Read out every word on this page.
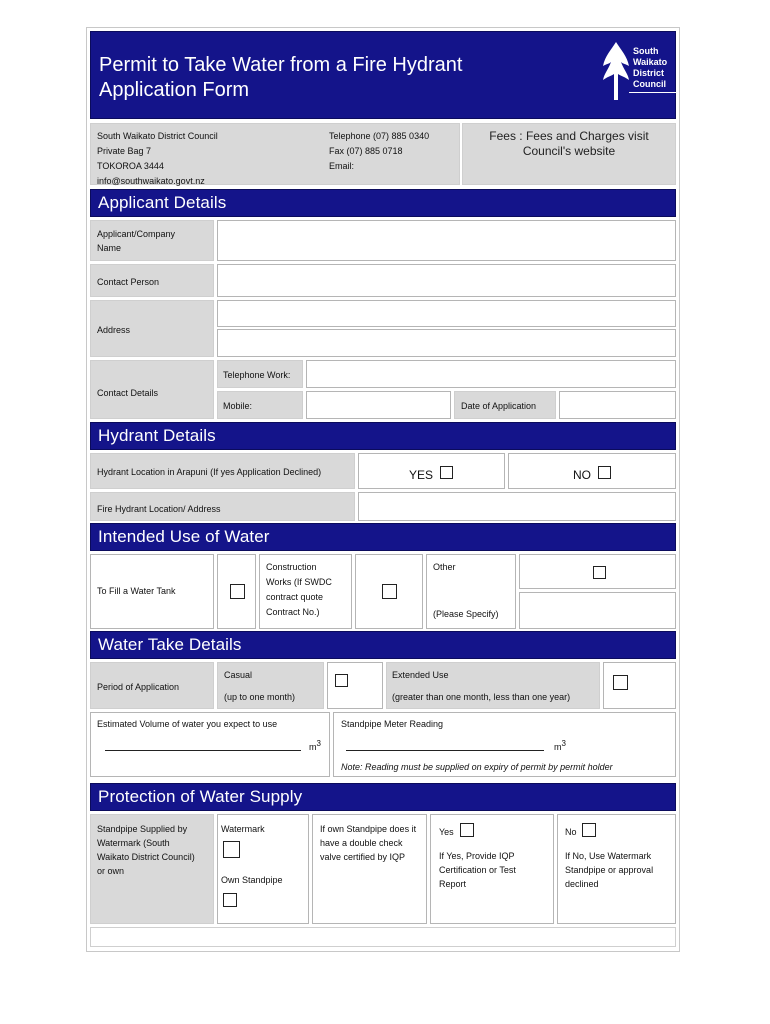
Permit to Take Water from a Fire Hydrant
Application Form
South
Waikato
District
Council
South Waikato District Council
Private Bag 7
TOKOROA 3444
info@southwaikato.govt.nz
Telephone (07) 885 0340
Fax (07) 885 0718
Email:
Fees : Fees and Charges visit
Council's website
Applicant Details
Applicant/Company
Name
Contact Person
Address
Contact Details
Telephone Work:
Mobile:	Date of Application
Hydrant Details
Hydrant Location in Arapuni (If yes Application Declined)	YES	NO
Fire Hydrant Location/ Address
Intended Use of Water
To Fill a Water Tank
Construction
Works (If SWDC
contract quote
Contract No.)
Other
(Please Specify)
Water Take Details
Period of Application
Casual
(up to one month)
Extended Use
(greater than one month, less than one year)
Estimated Volume of water you expect to use
$m^3$
Standpipe Meter Reading
$m^3$
Note: Reading must be supplied on expiry of permit by permit holder
Protection of Water Supply
Standpipe Supplied by
Watermark (South
Waikato District Council)
or own
Watermark
Own Standpipe
If own Standpipe does it
have a double check
valve certified by IQP
Yes
If Yes, Provide IQP
Certification or Test
Report
No
If No, Use Watermark
Standpipe or approval
declined
